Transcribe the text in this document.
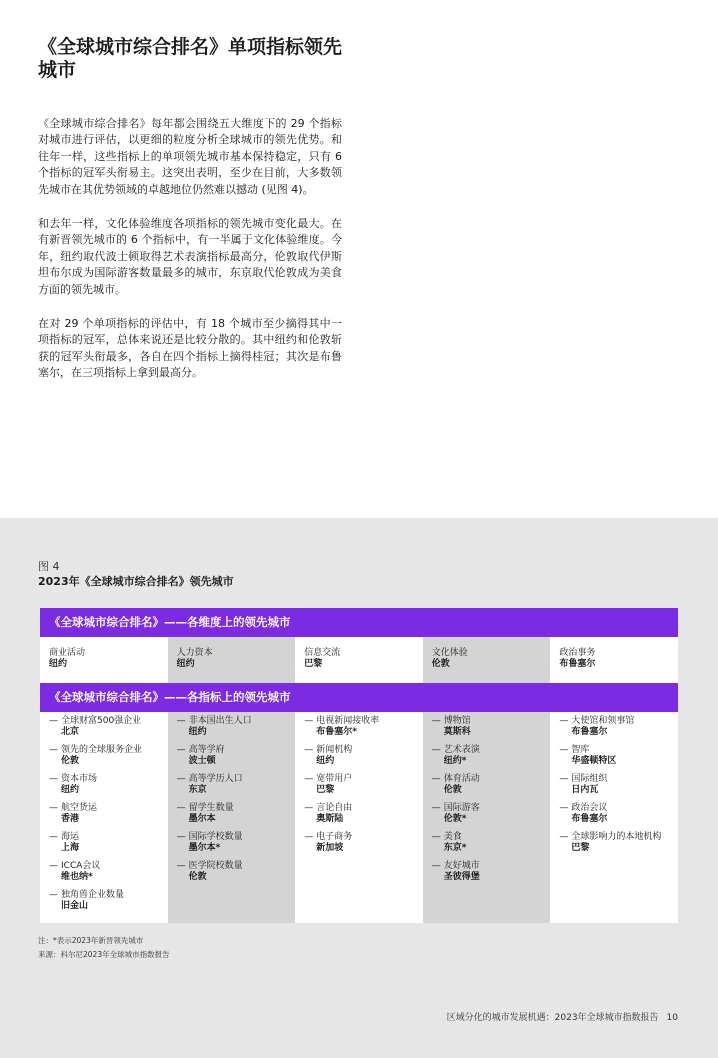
《全球城市综合排名》单项指标领先城市

《全球城市综合排名》每年都会围绕五大维度下的 29 个指标对城市进行评估，以更细的粒度分析全球城市的领先优势。和往年一样，这些指标上的单项领先城市基本保持稳定，只有 6 个指标的冠军头衔易主。这突出表明，至少在目前，大多数领先城市在其优势领域的卓越地位仍然难以撼动 (见图 4)。

和去年一样，文化体验维度各项指标的领先城市变化最大。在有新晋领先城市的 6 个指标中，有一半属于文化体验维度。今年，纽约取代波士顿取得艺术表演指标最高分，伦敦取代伊斯坦布尔成为国际游客数量最多的城市，东京取代伦敦成为美食方面的领先城市。

在对 29 个单项指标的评估中，有 18 个城市至少摘得其中一项指标的冠军，总体来说还是比较分散的。其中纽约和伦敦斩获的冠军头衔最多，各自在四个指标上摘得桂冠；其次是布鲁塞尔，在三项指标上拿到最高分。

图 4
2023年《全球城市综合排名》领先城市
《全球城市综合排名》——各维度上的领先城市
商业活动
纽约
人力资本
纽约
信息交流
巴黎
文化体验
伦敦
政治事务
布鲁塞尔
《全球城市综合排名》——各指标上的领先城市
— 全球财富500强企业
北京
— 领先的全球服务企业
伦敦
— 资本市场
纽约
— 航空货运
香港
— 海运
上海
— ICCA会议
维也纳*
— 独角兽企业数量
旧金山
— 非本国出生人口
纽约
— 高等学府
波士顿
— 高等学历人口
东京
— 留学生数量
墨尔本
— 国际学校数量
墨尔本*
— 医学院校数量
伦敦
— 电视新闻接收率
布鲁塞尔*
— 新闻机构
纽约
— 宽带用户
巴黎
— 言论自由
奥斯陆
— 电子商务
新加坡
— 博物馆
莫斯科
— 艺术表演
纽约*
— 体育活动
伦敦
— 国际游客
伦敦*
— 美食
东京*
— 友好城市
圣彼得堡
— 大使馆和领事馆
布鲁塞尔
— 智库
华盛顿特区
— 国际组织
日内瓦
— 政治会议
布鲁塞尔
— 全球影响力的本地机构
巴黎
注：*表示2023年新晋领先城市
来源：科尔尼2023年全球城市指数报告
区域分化的城市发展机遇：2023年全球城市指数报告 10
